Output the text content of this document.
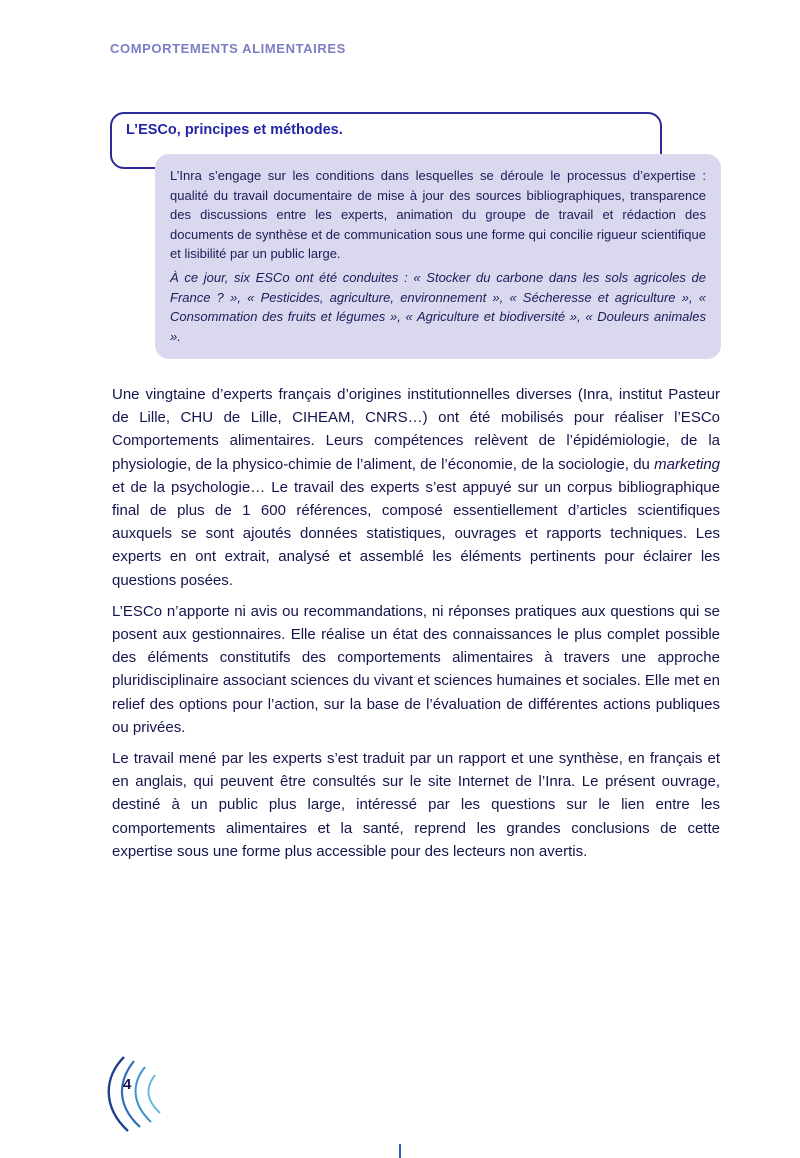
COMPORTEMENTS ALIMENTAIRES
L’ESCo, principes et méthodes.

L’Inra s’engage sur les conditions dans lesquelles se déroule le processus d’expertise : qualité du travail documentaire de mise à jour des sources bibliographiques, transparence des discussions entre les experts, animation du groupe de travail et rédaction des documents de synthèse et de communication sous une forme qui concilie rigueur scientifique et lisibilité par un public large.

À ce jour, six ESCo ont été conduites : « Stocker du carbone dans les sols agricoles de France ? », « Pesticides, agriculture, environnement », « Sécheresse et agriculture », « Consommation des fruits et légumes », « Agriculture et biodiversité », « Douleurs animales ».

Une vingtaine d’experts français d’origines institutionnelles diverses (Inra, institut Pasteur de Lille, CHU de Lille, CIHEAM, CNRS…) ont été mobilisés pour réaliser l’ESCo Comportements alimentaires. Leurs compétences relèvent de l’épidémiologie, de la physiologie, de la physico-chimie de l’aliment, de l’économie, de la sociologie, du marketing et de la psychologie… Le travail des experts s’est appuyé sur un corpus bibliographique final de plus de 1 600 références, composé essentiellement d’articles scientifiques auxquels se sont ajoutés données statistiques, ouvrages et rapports techniques. Les experts en ont extrait, analysé et assemblé les éléments pertinents pour éclairer les questions posées.

L’ESCo n’apporte ni avis ou recommandations, ni réponses pratiques aux questions qui se posent aux gestionnaires. Elle réalise un état des connaissances le plus complet possible des éléments constitutifs des comportements alimentaires à travers une approche pluridisciplinaire associant sciences du vivant et sciences humaines et sociales. Elle met en relief des options pour l’action, sur la base de l’évaluation de différentes actions publiques ou privées.

Le travail mené par les experts s’est traduit par un rapport et une synthèse, en français et en anglais, qui peuvent être consultés sur le site Internet de l’Inra. Le présent ouvrage, destiné à un public plus large, intéressé par les questions sur le lien entre les comportements alimentaires et la santé, reprend les grandes conclusions de cette expertise sous une forme plus accessible pour des lecteurs non avertis.

4
